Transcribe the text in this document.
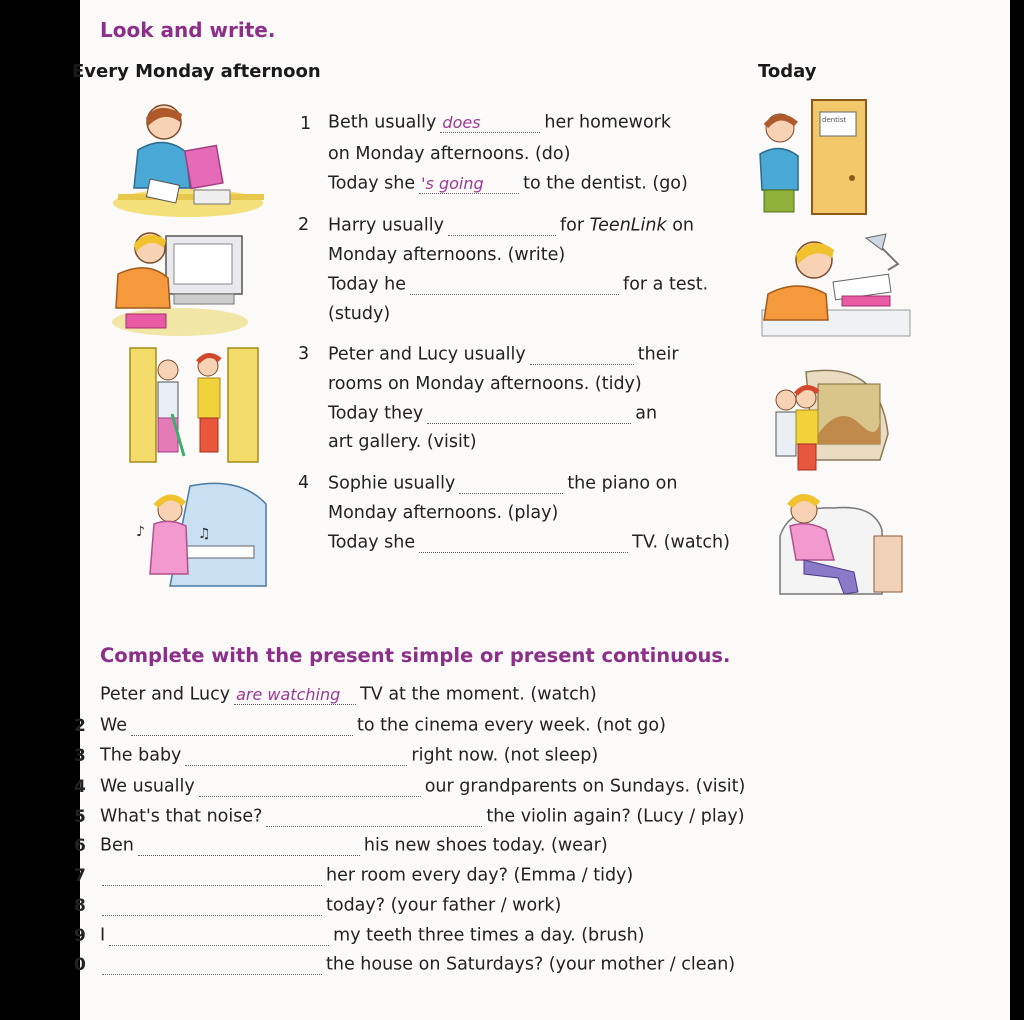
Look and write.
Every Monday afternoon	Today
1 Beth usuallydoes	her homework
on Monday afternoons. (do)
Today she's going	to the dentist. (go)
2 Harry usually	for TeenLink on
Monday afternoons. (write)
Today he	for a test.
(study)
3 Peter and Lucy usually	their
rooms on Monday afternoons. (tidy)
Today they	an
art gallery. (visit)
4 Sophie usually	the piano on
Monday afternoons. (play)
Today she	TV. (watch)
♪	♫
dentist
Complete with the present simple or present continuous.
Peter and Lucyare watching	TV at the moment. (watch)
2 We	to the cinema every week. (not go)
3 The baby	right now. (not sleep)
4 We usually	our grandparents on Sundays. (visit)
5 What's that noise?	the violin again? (Lucy / play)
6 Ben	his new shoes today. (wear)
7	her room every day? (Emma / tidy)
8	today? (your father / work)
9 I	my teeth three times a day. (brush)
0	the house on Saturdays? (your mother / clean)
